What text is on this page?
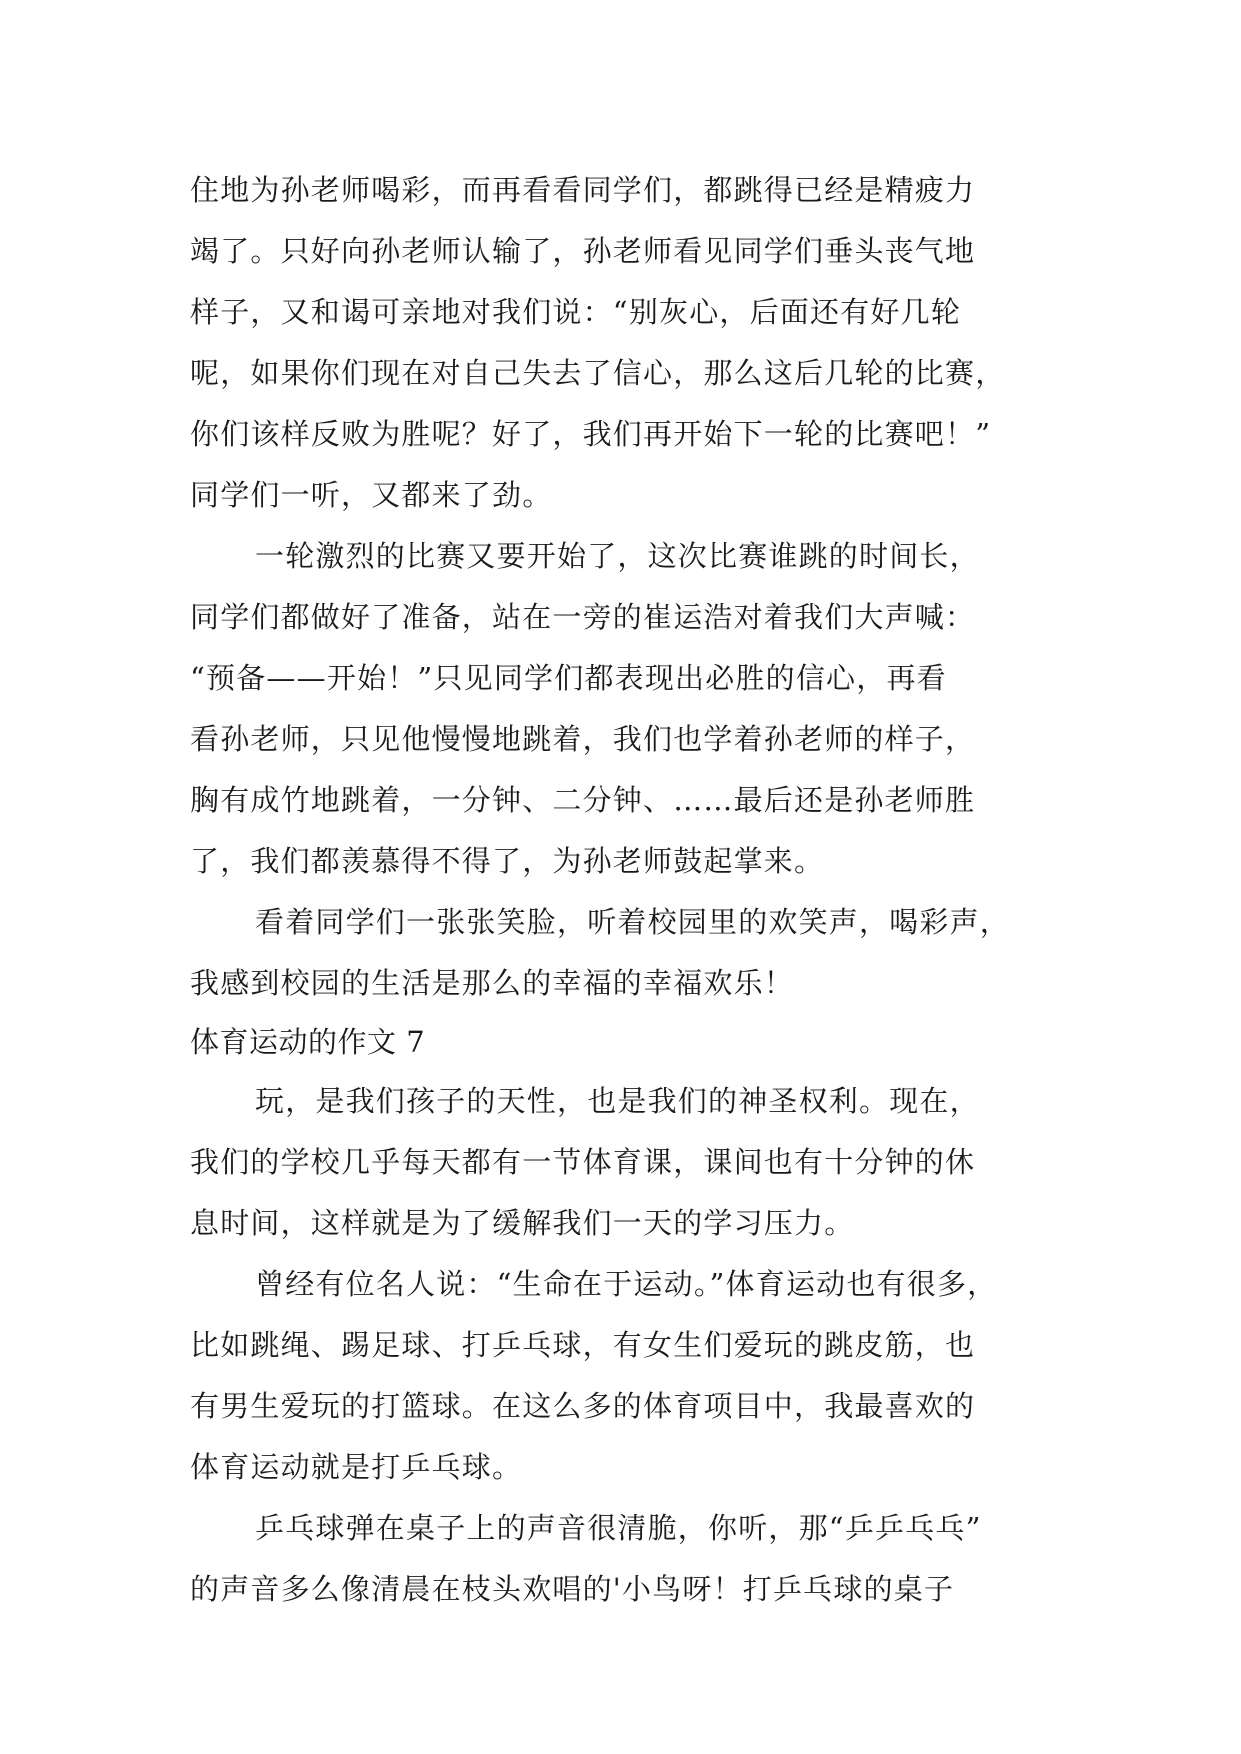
住地为孙老师喝彩，而再看看同学们，都跳得已经是精疲力
竭了。只好向孙老师认输了，孙老师看见同学们垂头丧气地
样子，又和谒可亲地对我们说：“别灰心，后面还有好几轮
呢，如果你们现在对自己失去了信心，那么这后几轮的比赛，
你们该样反败为胜呢？好了，我们再开始下一轮的比赛吧！”
同学们一听，又都来了劲。
一轮激烈的比赛又要开始了，这次比赛谁跳的时间长，
同学们都做好了准备，站在一旁的崔运浩对着我们大声喊：
“预备——开始！”只见同学们都表现出必胜的信心，再看
看孙老师，只见他慢慢地跳着，我们也学着孙老师的样子，
胸有成竹地跳着，一分钟、二分钟、……最后还是孙老师胜
了，我们都羡慕得不得了，为孙老师鼓起掌来。
看着同学们一张张笑脸，听着校园里的欢笑声，喝彩声，
我感到校园的生活是那么的幸福的幸福欢乐！
体育运动的作文 7
玩，是我们孩子的天性，也是我们的神圣权利。现在，
我们的学校几乎每天都有一节体育课，课间也有十分钟的休
息时间，这样就是为了缓解我们一天的学习压力。
曾经有位名人说：“生命在于运动。”体育运动也有很多，
比如跳绳、踢足球、打乒乓球，有女生们爱玩的跳皮筋，也
有男生爱玩的打篮球。在这么多的体育项目中，我最喜欢的
体育运动就是打乒乓球。
乒乓球弹在桌子上的声音很清脆，你听，那“乒乒乓乓”
的声音多么像清晨在枝头欢唱的'小鸟呀！打乒乓球的桌子
